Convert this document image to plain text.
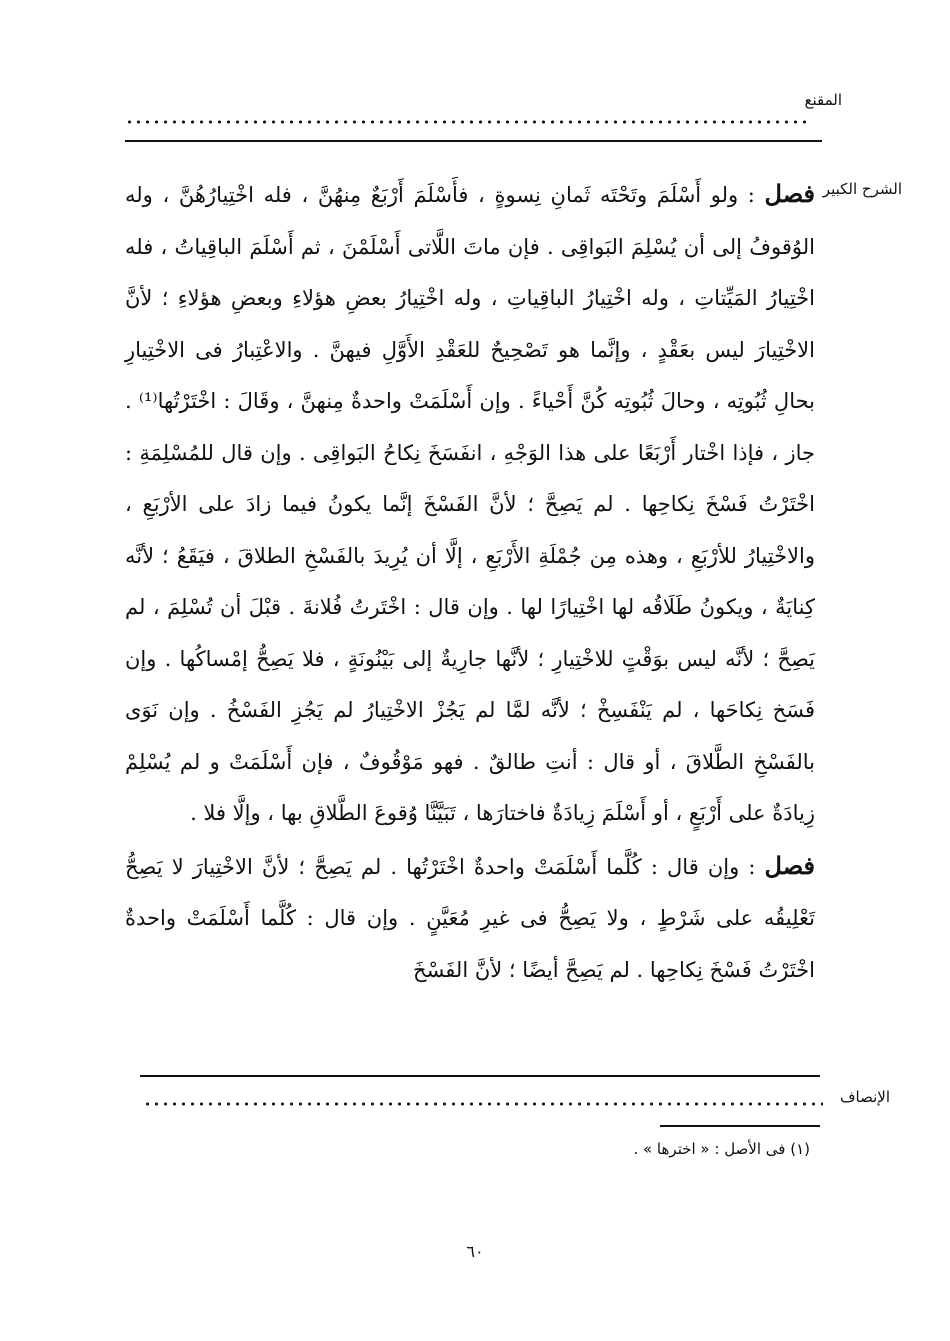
المقنع
الشرح الكبير

فصل : ولو أَسْلَمَ وتَحْتَه ثَمانِ نِسوةٍ ، فأَسْلَمَ أَرْبَعٌ مِنهُنَّ ، فله اخْتِيارُهُنَّ ، وله الوُقوفُ إلى أن يُسْلِمَ البَواقِى . فإن ماتَ اللَّاتى أَسْلَمْنَ ، ثم أَسْلَمَ الباقِياتُ ، فله اخْتِيارُ المَيِّتاتِ ، وله اخْتِيارُ الباقِياتِ ، وله اخْتِيارُ بعضِ هؤلاءِ وبعضِ هؤلاءِ ؛ لأنَّ الاخْتِيارَ ليس بعَقْدٍ ، وإنَّما هو تَصْحِيحٌ للعَقْدِ الأَوَّلِ فيهنَّ . والاعْتِبارُ فى الاخْتِيارِ بحالِ ثُبُوتِه ، وحالَ ثُبُوتِه كُنَّ أَحْياءً . وإن أَسْلَمَتْ واحدةٌ مِنهنَّ ، وقَالَ : اخْتَرْتُها⁽¹⁾ . جاز ، فإذا اخْتار أَرْبَعًا على هذا الوَجْهِ ، انفَسَخَ نِكاحُ البَواقِى . وإن قال للمُسْلِمَةِ : اخْتَرْتُ فَسْخَ نِكاحِها . لم يَصِحَّ ؛ لأنَّ الفَسْخَ إنَّما يكونُ فيما زادَ على الأرْبَعِ ، والاخْتِيارُ للأرْبَعِ ، وهذه مِن جُمْلَةِ الأَرْبَعِ ، إلَّا أن يُرِيدَ بالفَسْخِ الطلاقَ ، فيَقَعُ ؛ لأنَّه كِنايَةٌ ، ويكونُ طَلَاقُه لها اخْتِيارًا لها . وإن قال : اخْتَرتُ فُلانةَ . قبْلَ أن تُسْلِمَ ، لم يَصِحَّ ؛ لأنَّه ليس بوَقْتٍ للاخْتِيارِ ؛ لأنَّها جارِيةٌ إلى بَيْنُونَةٍ ، فلا يَصِحُّ إمْساكُها . وإن فَسَخ نِكاحَها ، لم يَنْفَسِخْ ؛ لأنَّه لمَّا لم يَجُزْ الاخْتِيارُ لم يَجُزِ الفَسْخُ . وإن نَوَى بالفَسْخِ الطَّلاقَ ، أو قال : أنتِ طالقٌ . فهو مَوْقُوفٌ ، فإن أَسْلَمَتْ و لم يُسْلِمْ زِيادَةٌ على أَرْبَعٍ ، أو أَسْلَمَ زِيادَةٌ فاختارَها ، تَبَيَّنَّا وُقوعَ الطَّلاقِ بها ، وإلَّا فلا .

فصل : وإن قال : كُلَّما أَسْلَمَتْ واحدةٌ اخْتَرْتُها . لم يَصِحَّ ؛ لأنَّ الاخْتِيارَ لا يَصِحُّ تَعْلِيقُه على شَرْطٍ ، ولا يَصِحُّ فى غيرِ مُعَيَّنٍ . وإن قال : كُلَّما أَسْلَمَتْ واحدةٌ اخْتَرْتُ فَسْخَ نِكاحِها . لم يَصِحَّ أيضًا ؛ لأنَّ الفَسْخَ

الإنصاف
(١) فى الأصل : « اخترها » .
٦٠
